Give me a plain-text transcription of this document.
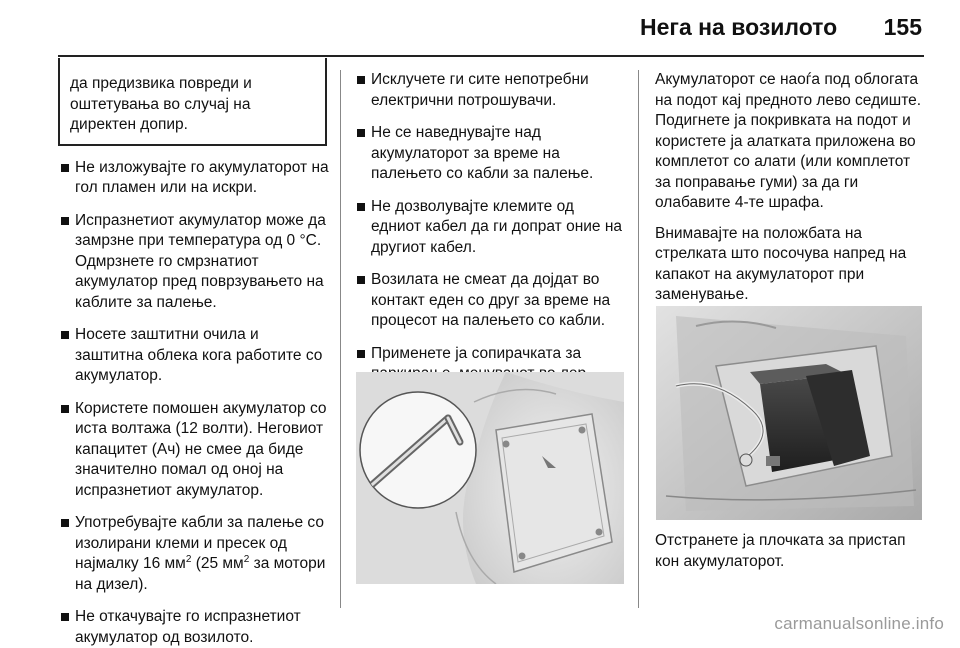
Нега на возилото 155
да предизвика повреди и оштетувања во случај на директен допир.
Не изложувајте го акумулаторот на гол пламен или на искри.
Испразнетиот акумулатор може да замрзне при температура од 0 °C. Одмрзнете го смрзнатиот акумулатор пред поврзувањето на каблите за палење.
Носете заштитни очила и заштитна облека кога работите со акумулатор.
Користете помошен акумулатор со иста волтажа (12 волти). Неговиот капацитет (Ач) не смее да биде значително помал од оној на испразнетиот акумулатор.
Употребувајте кабли за палење со изолирани клеми и пресек од најмалку 16 $мм^2$ (25 $мм^2$ за мотори на дизел).
Не откачувајте го испразнетиот акумулатор од возилото.
Исклучете ги сите непотребни електрични потрошувачи.
Не се наведнувајте над акумулаторот за време на палењето со кабли за палење.
Не дозволувајте клемите од едниот кабел да ги допрат оние на другиот кабел.
Возилата не смеат да дојдат во контакт еден со друг за време на процесот на палењето со кабли.
Применете ја сопирачката за

Акумулаторот се наоѓа под облогата на подот кај предното лево седиште. Подигнете ја покривката на подот и користете ја алатката приложена во комплетот со алати (или комплетот за поправање гуми) за да ги олабавите 4-те шрафа.

Внимавајте на положбата на стрелката што посочува напред на капакот на акумулаторот при заменување.

Отстранете ја плочката за пристап кон акумулаторот.
carmanualsonline.info
